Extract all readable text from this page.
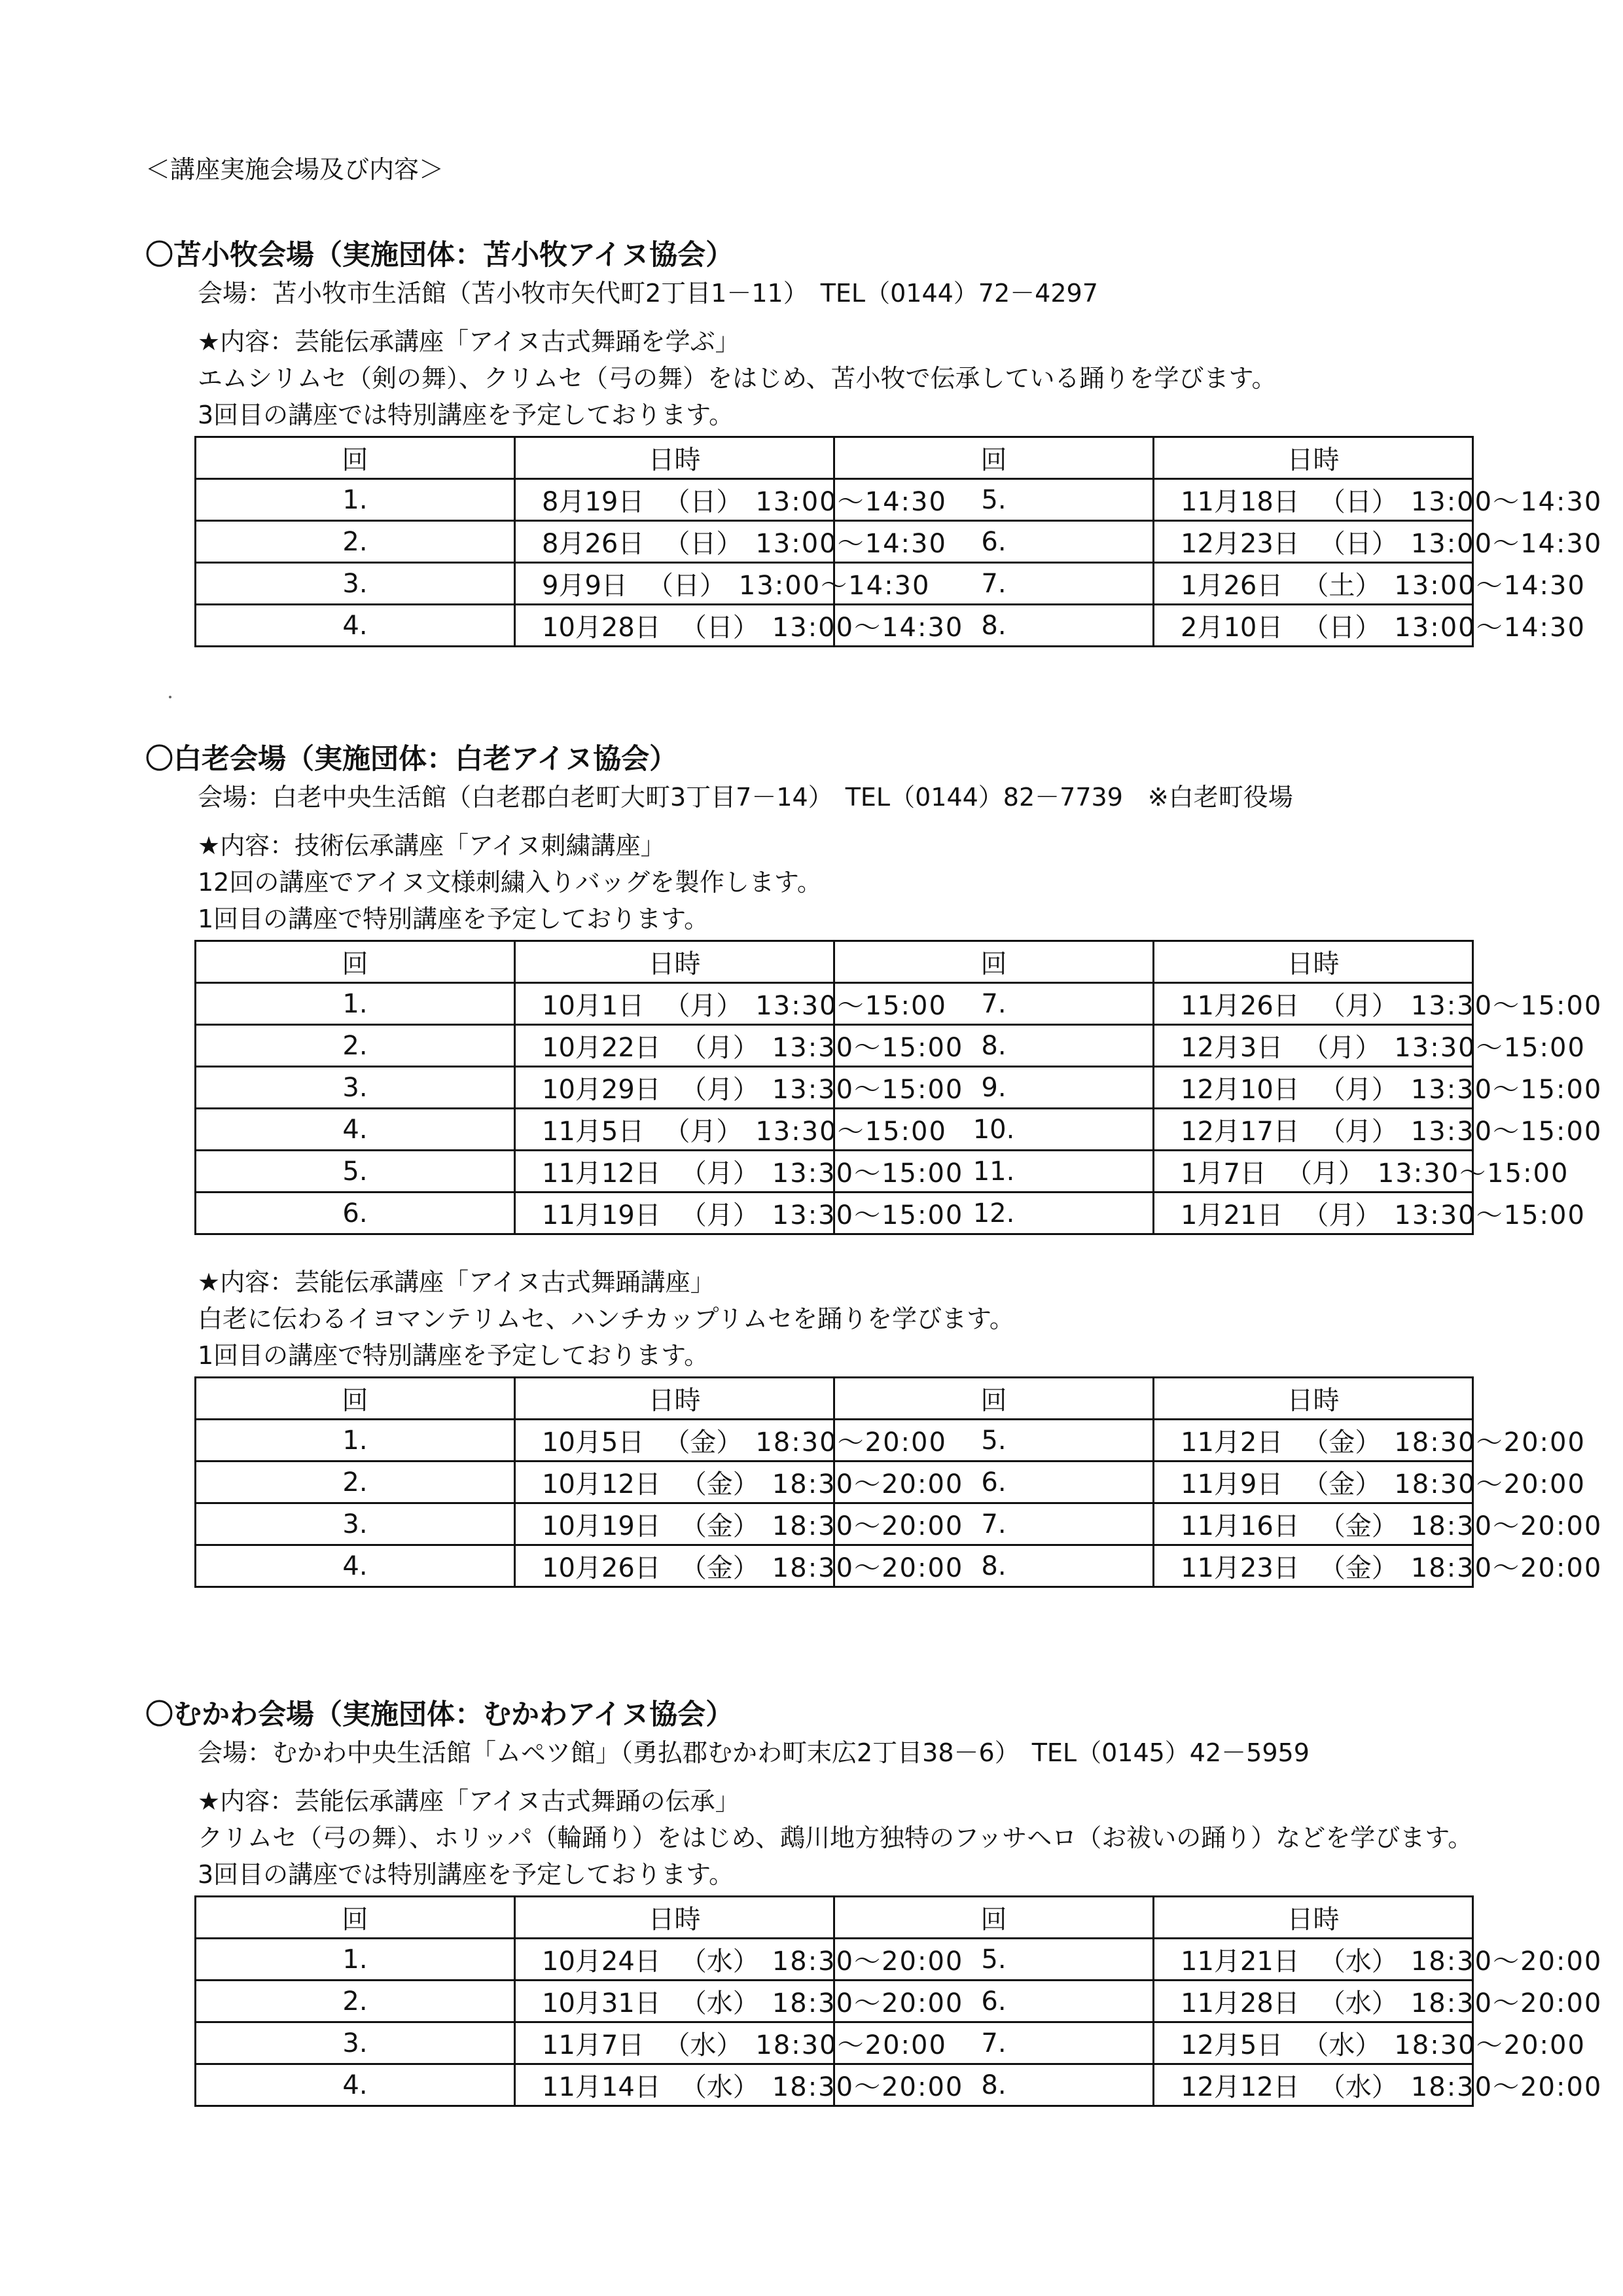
＜講座実施会場及び内容＞
〇苫小牧会場（実施団体：苫小牧アイヌ協会）
会場：苫小牧市生活館（苫小牧市矢代町2丁目1－11）　TEL（0144）72－4297
★内容：芸能伝承講座「アイヌ古式舞踊を学ぶ」
エムシリムセ（剣の舞）、クリムセ（弓の舞）をはじめ、苫小牧で伝承している踊りを学びます。
3回目の講座では特別講座を予定しております。
回	日時	回	日時
1.	8月19日 （日） 13:00～14:30	5.	11月18日 （日） 13:00～14:30

2.	8月26日 （日） 13:00～14:30	6.	12月23日 （日） 13:00～14:30

3.	9月9日 （日） 13:00～14:30	7.	1月26日 （土） 13:00～14:30

4.	10月28日 （日） 13:00～14:30	8.	2月10日 （日） 13:00～14:30
〇白老会場（実施団体：白老アイヌ協会）
会場：白老中央生活館（白老郡白老町大町3丁目7－14）　TEL（0144）82－7739　※白老町役場
★内容：技術伝承講座「アイヌ刺繍講座」
12回の講座でアイヌ文様刺繍入りバッグを製作します。
1回目の講座で特別講座を予定しております。
回	日時	回	日時
1.	10月1日 （月） 13:30～15:00	7.	11月26日 （月） 13:30～15:00

2.	10月22日 （月） 13:30～15:00	8.	12月3日 （月） 13:30～15:00

3.	10月29日 （月） 13:30～15:00	9.	12月10日 （月） 13:30～15:00

4.	11月5日 （月） 13:30～15:00	10.	12月17日 （月） 13:30～15:00

5.	11月12日 （月） 13:30～15:00	11.	1月7日 （月） 13:30～15:00

6.	11月19日 （月） 13:30～15:00	12.	1月21日 （月） 13:30～15:00
★内容：芸能伝承講座「アイヌ古式舞踊講座」
白老に伝わるイヨマンテリムセ、ハンチカップリムセを踊りを学びます。
1回目の講座で特別講座を予定しております。
回	日時	回	日時
1.	10月5日 （金） 18:30～20:00	5.	11月2日 （金） 18:30～20:00

2.	10月12日 （金） 18:30～20:00	6.	11月9日 （金） 18:30～20:00

3.	10月19日 （金） 18:30～20:00	7.	11月16日 （金） 18:30～20:00

4.	10月26日 （金） 18:30～20:00	8.	11月23日 （金） 18:30～20:00
〇むかわ会場（実施団体：むかわアイヌ協会）
会場：むかわ中央生活館「ムペツ館」（勇払郡むかわ町末広2丁目38－6）　TEL（0145）42－5959
★内容：芸能伝承講座「アイヌ古式舞踊の伝承」
クリムセ（弓の舞）、ホリッパ（輪踊り）をはじめ、鵡川地方独特のフッサヘロ（お祓いの踊り）などを学びます。
3回目の講座では特別講座を予定しております。
回	日時	回	日時
1.	10月24日 （水） 18:30～20:00	5.	11月21日 （水） 18:30～20:00

2.	10月31日 （水） 18:30～20:00	6.	11月28日 （水） 18:30～20:00

3.	11月7日 （水） 18:30～20:00	7.	12月5日 （水） 18:30～20:00

4.	11月14日 （水） 18:30～20:00	8.	12月12日 （水） 18:30～20:00
